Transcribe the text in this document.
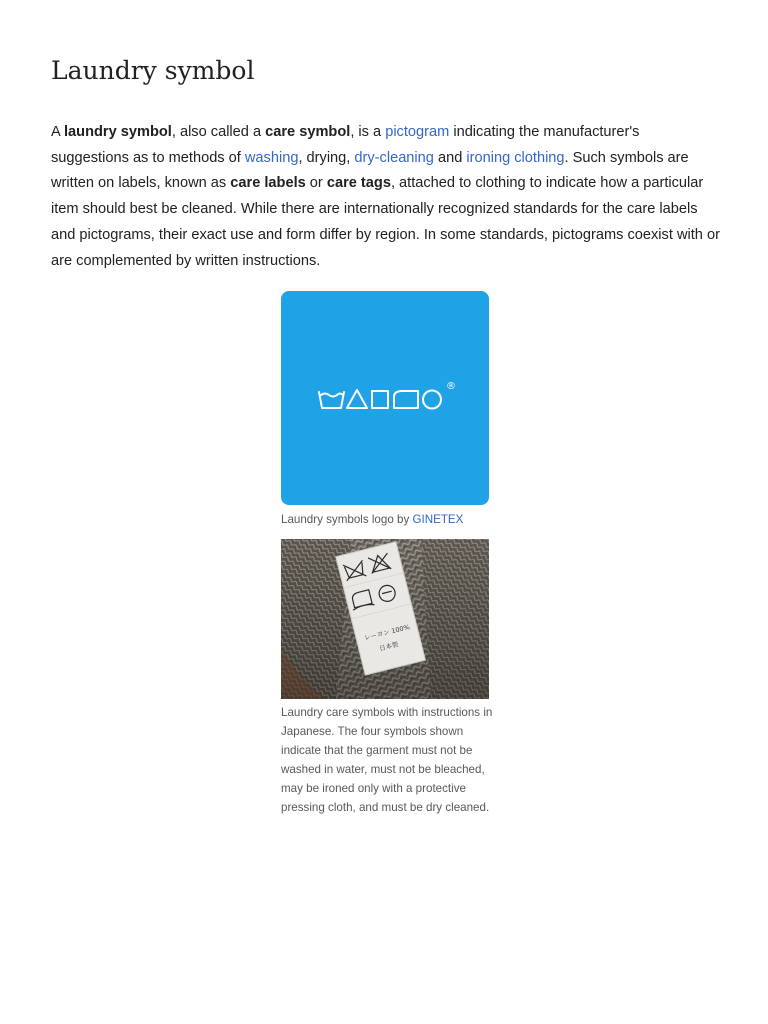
Laundry symbol

A laundry symbol, also called a care symbol, is a pictogram indicating the manufacturer's suggestions as to methods of washing, drying, dry-cleaning and ironing clothing. Such symbols are written on labels, known as care labels or care tags, attached to clothing to indicate how a particular item should best be cleaned. While there are internationally recognized standards for the care labels and pictograms, their exact use and form differ by region. In some standards, pictograms coexist with or are complemented by written instructions.

®

Laundry symbols logo by GINETEX

レーヨン 100%
日本製

Laundry care symbols with instructions in Japanese. The four symbols shown indicate that the garment must not be washed in water, must not be bleached, may be ironed only with a protective pressing cloth, and must be dry cleaned.
